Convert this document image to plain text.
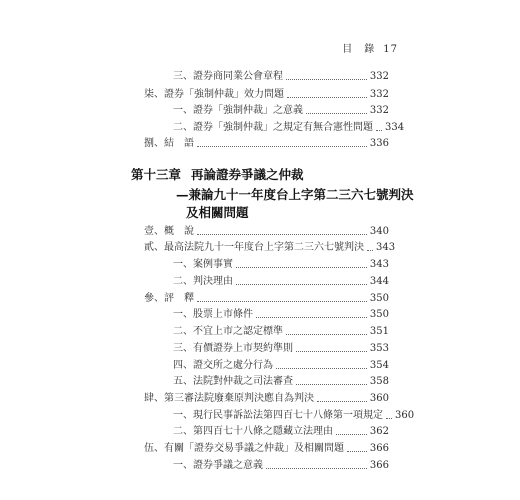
目　錄 17
三、證券商同業公會章程	332
柒、證券「強制仲裁」效力問題	332
一、證券「強制仲裁」之意義	332
二、證券「強制仲裁」之規定有無合憲性問題 334
捌、結　語	336
第十三章 再論證券爭議之仲裁
—兼論九十一年度台上字第二三六七號判決
及相關問題
壹、概　說	340
貳、最高法院九十一年度台上字第二三六七號判決 343
一、案例事實	343
二、判決理由	344
參、評　釋	350
一、股票上市條件	350
二、不宜上市之認定標準	351
三、有價證券上市契約準則	353
四、證交所之處分行為	354
五、法院對仲裁之司法審查	358
肆、第三審法院廢棄原判決應自為判決	360
一、現行民事訴訟法第四百七十八條第一項規定 360
二、第四百七十八條之隱藏立法理由	362
伍、有關「證券交易爭議之仲裁」及相關問題	366
一、證券爭議之意義	366
